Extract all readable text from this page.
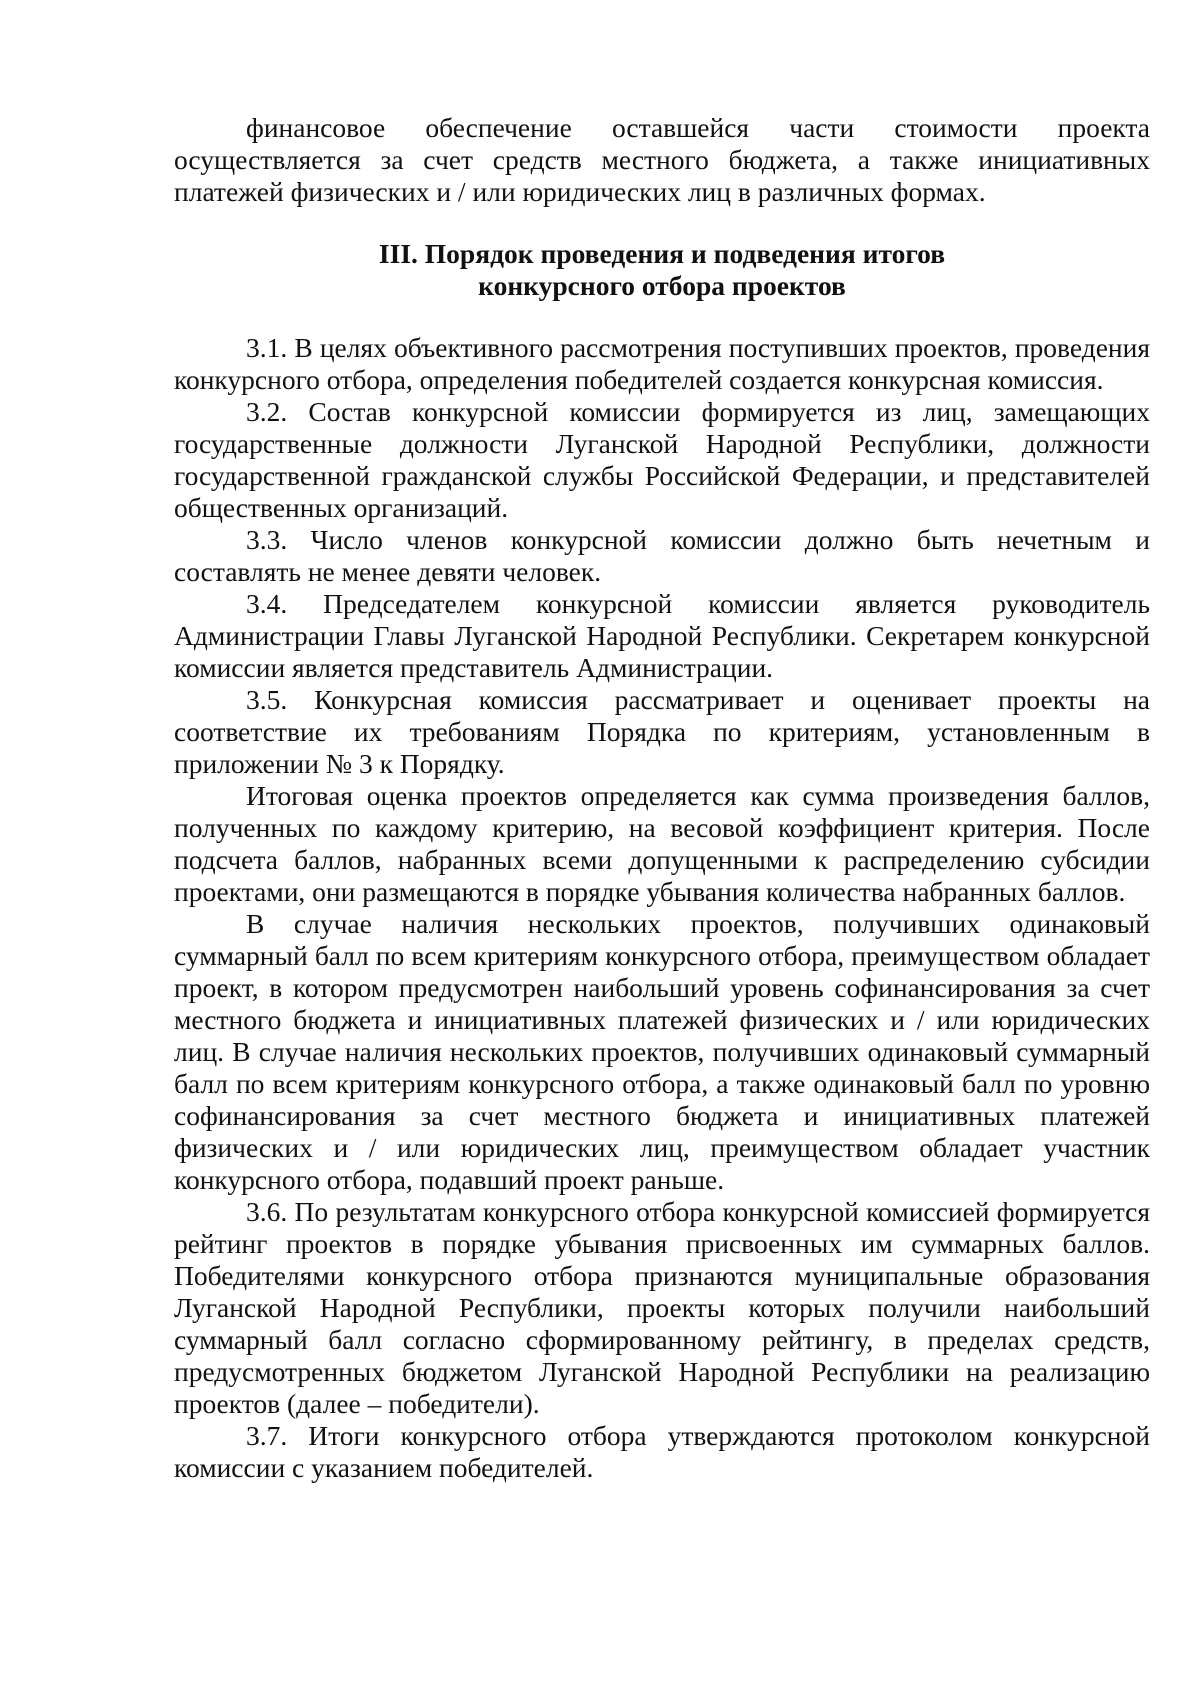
финансовое обеспечение оставшейся части стоимости проекта осуществляется за счет средств местного бюджета, а также инициативных платежей физических и / или юридических лиц в различных формах.

III. Порядок проведения и подведения итогов
конкурсного отбора проектов

3.1. В целях объективного рассмотрения поступивших проектов, проведения конкурсного отбора, определения победителей создается конкурсная комиссия.

3.2. Состав конкурсной комиссии формируется из лиц, замещающих государственные должности Луганской Народной Республики, должности государственной гражданской службы Российской Федерации, и представителей общественных организаций.

3.3. Число членов конкурсной комиссии должно быть нечетным и составлять не менее девяти человек.

3.4. Председателем конкурсной комиссии является руководитель Администрации Главы Луганской Народной Республики. Секретарем конкурсной комиссии является представитель Администрации.

3.5. Конкурсная комиссия рассматривает и оценивает проекты на соответствие их требованиям Порядка по критериям, установленным в приложении № 3 к Порядку.

Итоговая оценка проектов определяется как сумма произведения баллов, полученных по каждому критерию, на весовой коэффициент критерия. После подсчета баллов, набранных всеми допущенными к распределению субсидии проектами, они размещаются в порядке убывания количества набранных баллов.

В случае наличия нескольких проектов, получивших одинаковый суммарный балл по всем критериям конкурсного отбора, преимуществом обладает проект, в котором предусмотрен наибольший уровень софинансирования за счет местного бюджета и инициативных платежей физических и / или юридических лиц. В случае наличия нескольких проектов, получивших одинаковый суммарный балл по всем критериям конкурсного отбора, а также одинаковый балл по уровню софинансирования за счет местного бюджета и инициативных платежей физических и / или юридических лиц, преимуществом обладает участник конкурсного отбора, подавший проект раньше.

3.6. По результатам конкурсного отбора конкурсной комиссией формируется рейтинг проектов в порядке убывания присвоенных им суммарных баллов. Победителями конкурсного отбора признаются муниципальные образования Луганской Народной Республики, проекты которых получили наибольший суммарный балл согласно сформированному рейтингу, в пределах средств, предусмотренных бюджетом Луганской Народной Республики на реализацию проектов (далее – победители).

3.7. Итоги конкурсного отбора утверждаются протоколом конкурсной комиссии с указанием победителей.
